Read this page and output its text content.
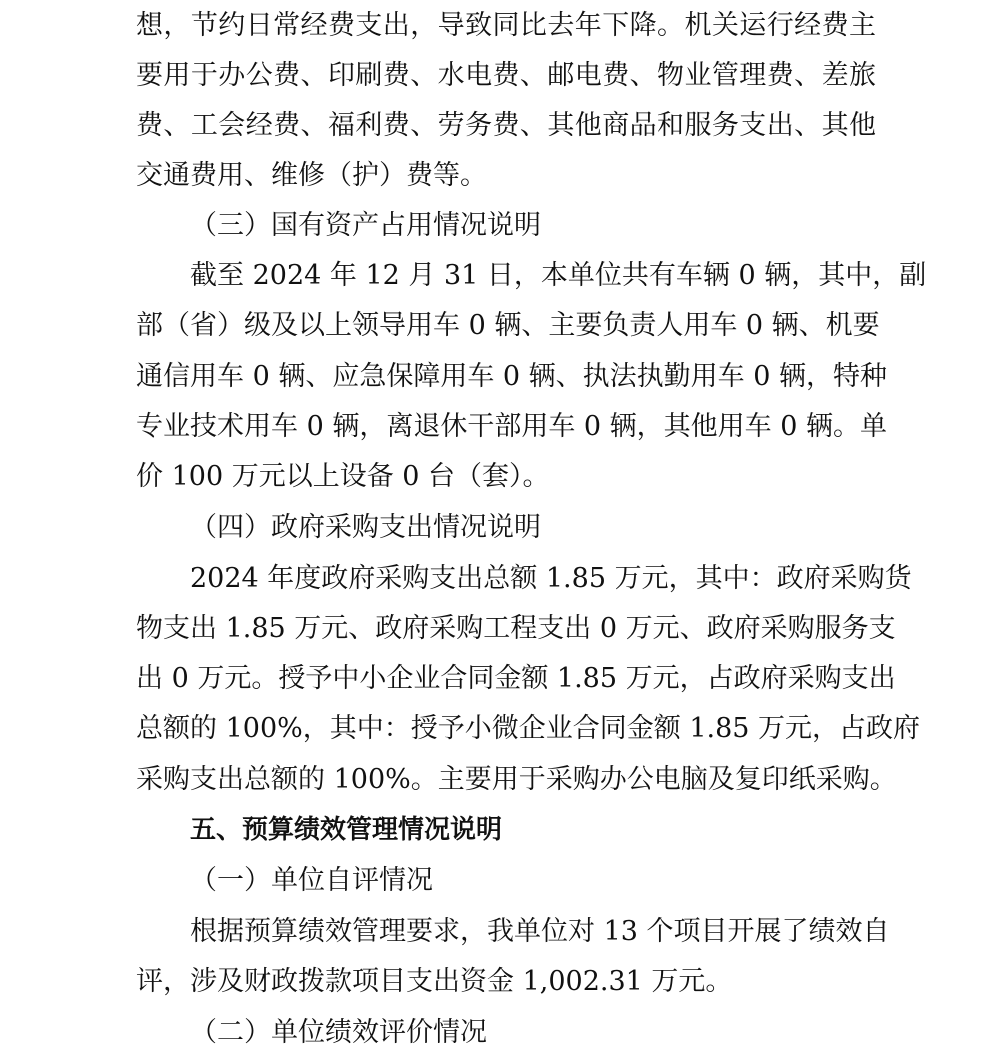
想，节约日常经费支出，导致同比去年下降。机关运行经费主
要用于办公费、印刷费、水电费、邮电费、物业管理费、差旅
费、工会经费、福利费、劳务费、其他商品和服务支出、其他
交通费用、维修（护）费等。
（三）国有资产占用情况说明
截至 2024 年 12 月 31 日，本单位共有车辆 0 辆，其中，副
部（省）级及以上领导用车 0 辆、主要负责人用车 0 辆、机要
通信用车 0 辆、应急保障用车 0 辆、执法执勤用车 0 辆，特种
专业技术用车 0 辆，离退休干部用车 0 辆，其他用车 0 辆。单
价 100 万元以上设备 0 台（套）。
（四）政府采购支出情况说明
2024 年度政府采购支出总额 1.85 万元，其中：政府采购货
物支出 1.85 万元、政府采购工程支出 0 万元、政府采购服务支
出 0 万元。授予中小企业合同金额 1.85 万元，占政府采购支出
总额的 100%，其中：授予小微企业合同金额 1.85 万元，占政府
采购支出总额的 100%。主要用于采购办公电脑及复印纸采购。
五、预算绩效管理情况说明
（一）单位自评情况
根据预算绩效管理要求，我单位对 13 个项目开展了绩效自
评，涉及财政拨款项目支出资金 1,002.31 万元。
（二）单位绩效评价情况
